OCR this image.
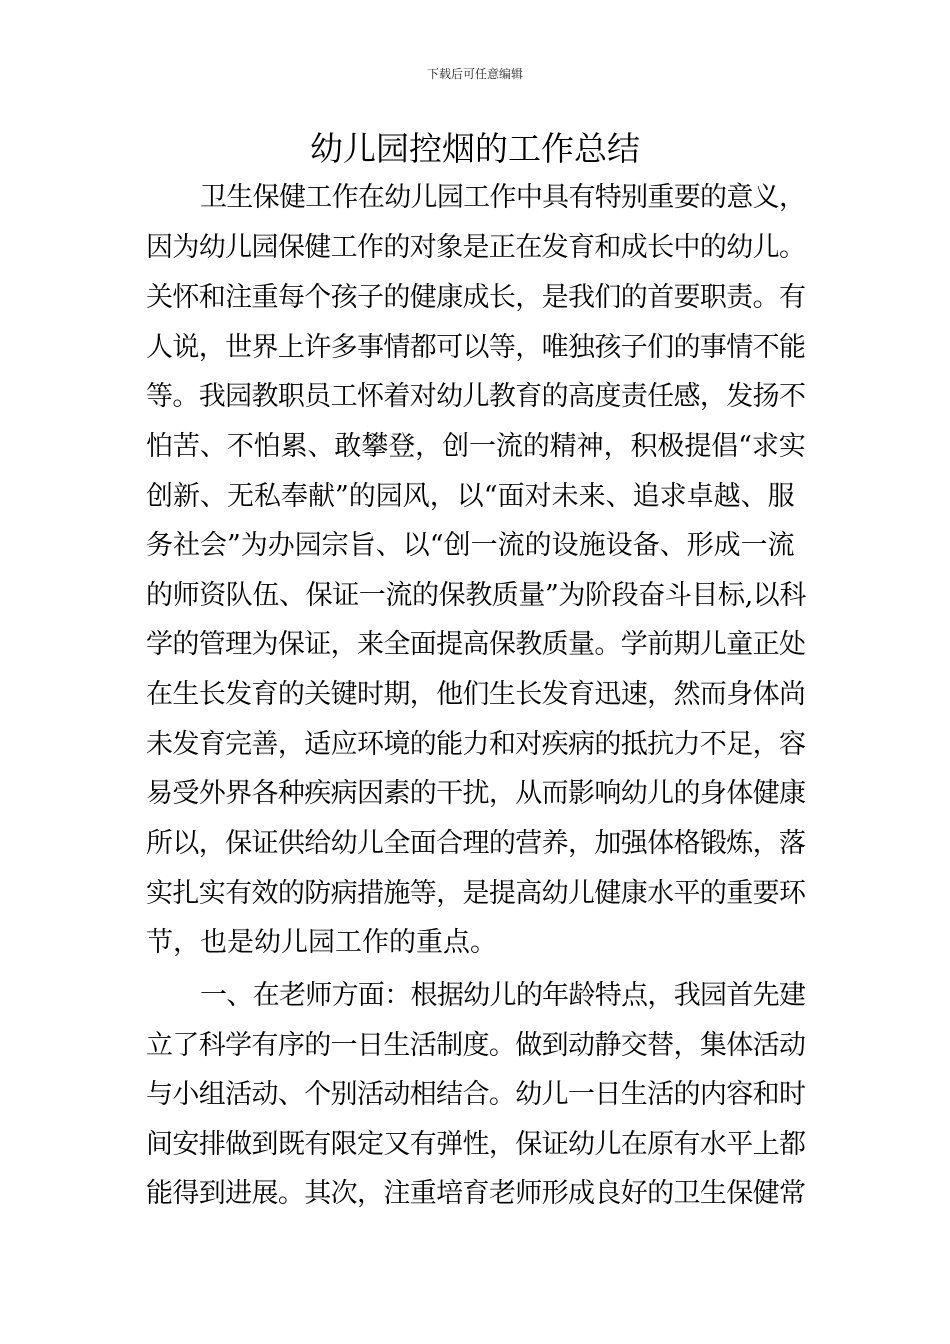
下载后可任意编辑
幼儿园控烟的工作总结
卫生保健工作在幼儿园工作中具有特别重要的意义，
因为幼儿园保健工作的对象是正在发育和成长中的幼儿。
关怀和注重每个孩子的健康成长，是我们的首要职责。有
人说，世界上许多事情都可以等，唯独孩子们的事情不能
等。我园教职员工怀着对幼儿教育的高度责任感，发扬不
怕苦、不怕累、敢攀登，创一流的精神，积极提倡“求实
创新、无私奉献”的园风，以“面对未来、追求卓越、服
务社会”为办园宗旨、以“创一流的设施设备、形成一流
的师资队伍、保证一流的保教质量”为阶段奋斗目标,以科
学的管理为保证，来全面提高保教质量。学前期儿童正处
在生长发育的关键时期，他们生长发育迅速，然而身体尚
未发育完善，适应环境的能力和对疾病的抵抗力不足，容
易受外界各种疾病因素的干扰，从而影响幼儿的身体健康
所以，保证供给幼儿全面合理的营养，加强体格锻炼，落
实扎实有效的防病措施等，是提高幼儿健康水平的重要环
节，也是幼儿园工作的重点。
一、在老师方面：根据幼儿的年龄特点，我园首先建
立了科学有序的一日生活制度。做到动静交替，集体活动
与小组活动、个别活动相结合。幼儿一日生活的内容和时
间安排做到既有限定又有弹性，保证幼儿在原有水平上都
能得到进展。其次，注重培育老师形成良好的卫生保健常
